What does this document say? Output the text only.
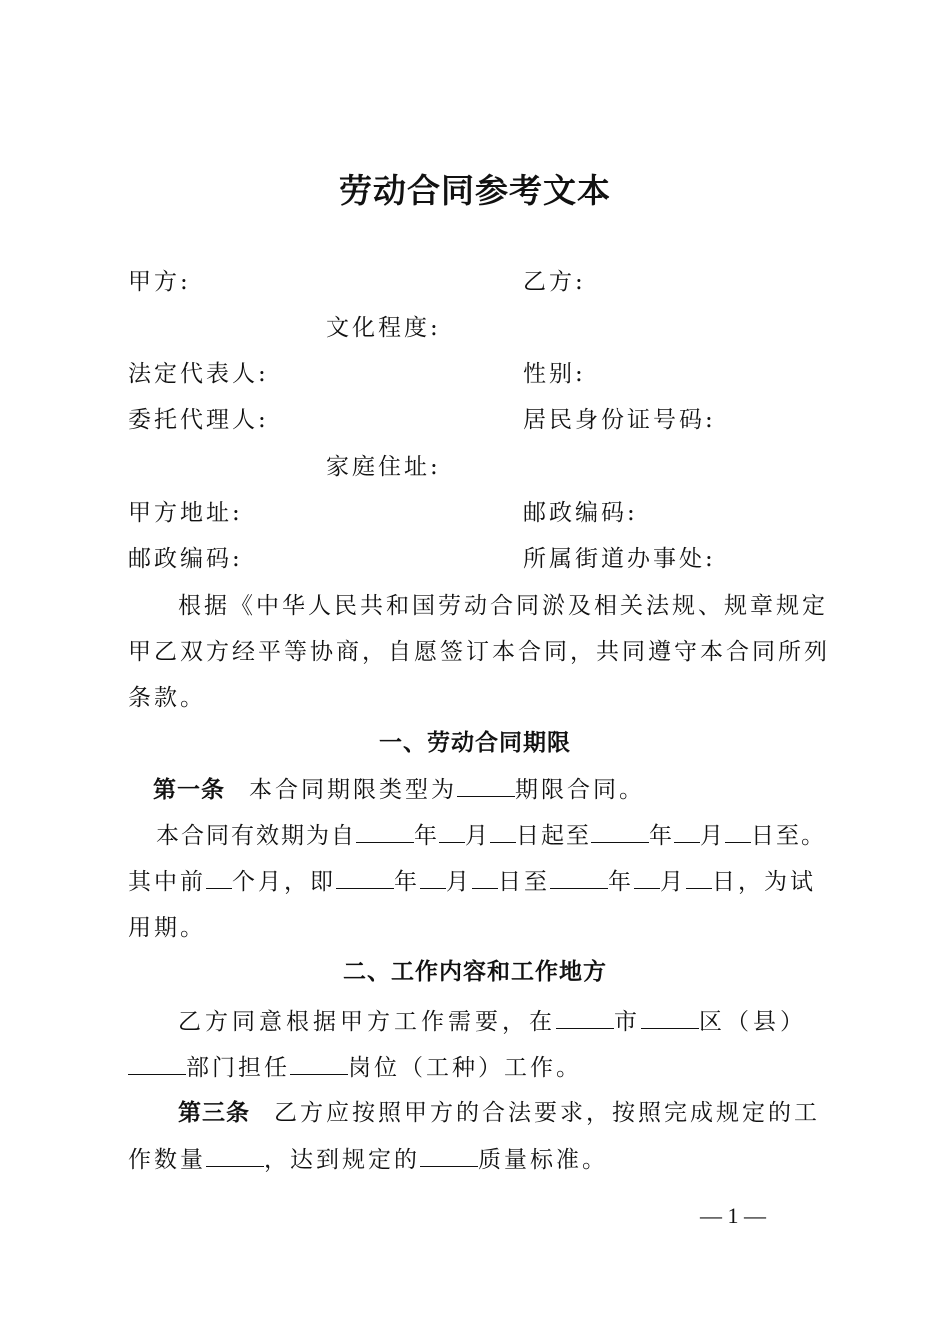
劳动合同参考文本
甲方:	乙方:
文化程度:
法定代表人:	性别:
委托代理人:	居民身份证号码:
家庭住址:
甲方地址:	邮政编码:
邮政编码:	所属街道办事处:
根据《中华人民共和国劳动合同淤及相关法规、规章规定
甲乙双方经平等协商，自愿签订本合同，共同遵守本合同所列
条款。
一、劳动合同期限
第一条 本合同期限类型为	期限合同。
本合同有效期为自	年 月 日起至	年 月 日至。
其中前 个月，即	年 月 日至	年 月 日，为试
用期。
二、工作内容和工作地方
乙方同意根据甲方工作需要，在	市	区（县）
部门担任	岗位（工种）工作。
第三条 乙方应按照甲方的合法要求，按照完成规定的工
作数量	，达到规定的	质量标准。
— 1 —
